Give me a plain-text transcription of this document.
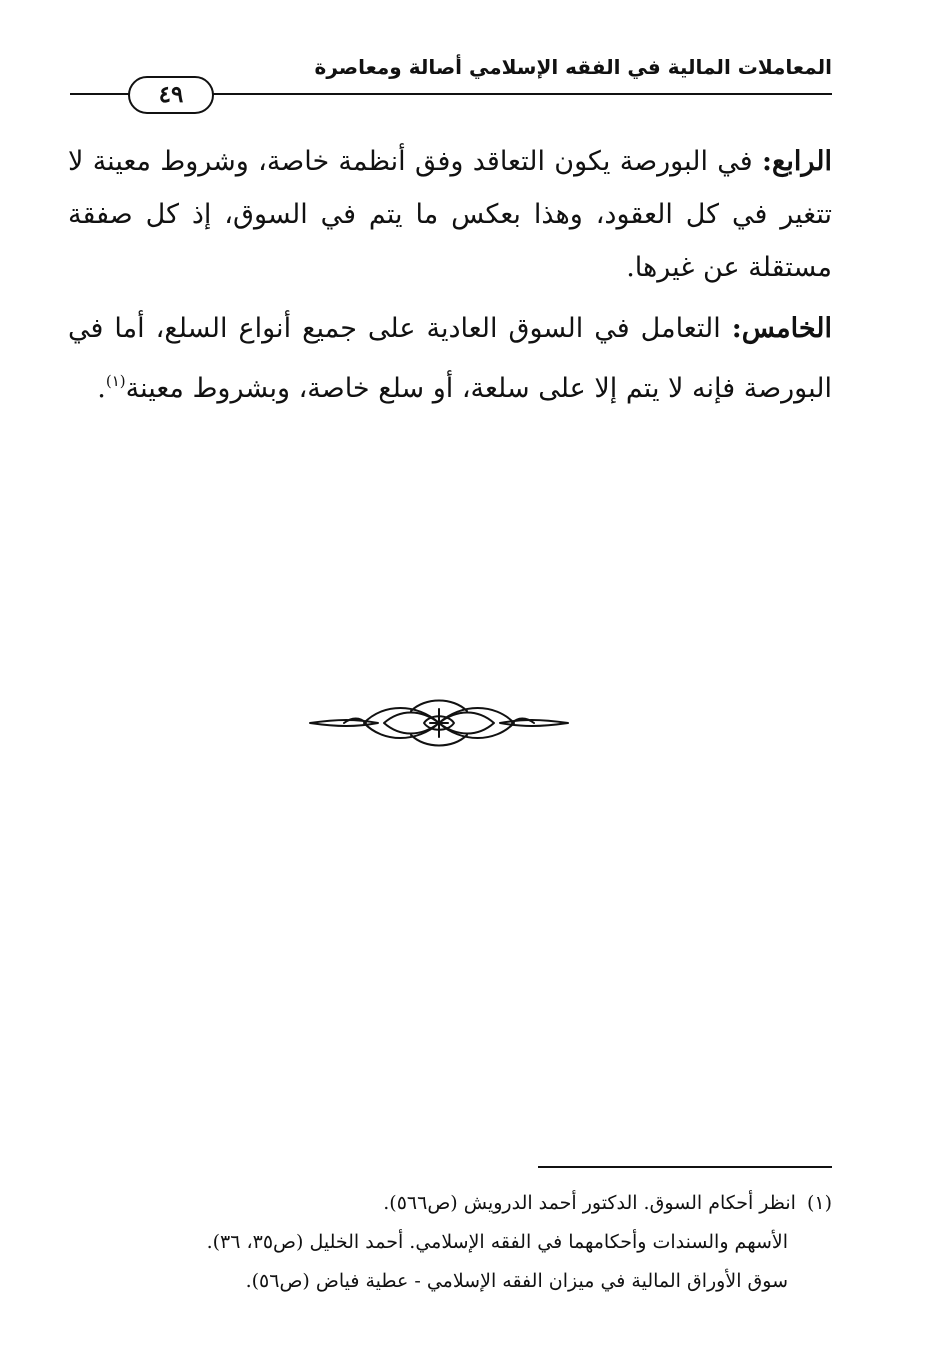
المعاملات المالية في الفقه الإسلامي أصالة ومعاصرة
٤٩

الرابع: في البورصة يكون التعاقد وفق أنظمة خاصة، وشروط معينة لا تتغير في كل العقود، وهذا بعكس ما يتم في السوق، إذ كل صفقة مستقلة عن غيرها.

الخامس: التعامل في السوق العادية على جميع أنواع السلع، أما في البورصة فإنه لا يتم إلا على سلعة، أو سلع خاصة، وبشروط معينة$^{(١)}$.

(١) انظر أحكام السوق. الدكتور أحمد الدرويش (ص٥٦٦).

الأسهم والسندات وأحكامهما في الفقه الإسلامي. أحمد الخليل (ص٣٥، ٣٦).

سوق الأوراق المالية في ميزان الفقه الإسلامي - عطية فياض (ص٥٦).
